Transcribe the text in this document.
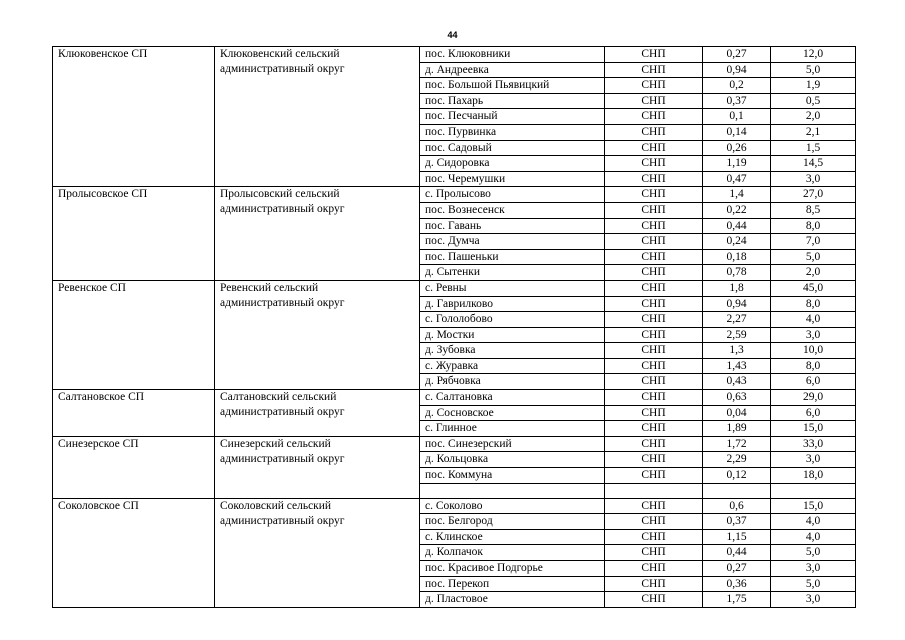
44
Клюковенское СП	Клюковенский сельский административный округ	пос. Клюковники	СНП	0,27	12,0
		д. Андреевка	СНП	0,94	5,0
		пос. Большой Пьявицкий	СНП	0,2	1,9
		пос. Пахарь	СНП	0,37	0,5
		пос. Песчаный	СНП	0,1	2,0
		пос. Пурвинка	СНП	0,14	2,1
		пос. Садовый	СНП	0,26	1,5
		д. Сидоровка	СНП	1,19	14,5
		пос. Черемушки	СНП	0,47	3,0
Пролысовское СП	Пролысовский сельский административный округ	с. Пролысово	СНП	1,4	27,0
		пос. Вознесенск	СНП	0,22	8,5
		пос. Гавань	СНП	0,44	8,0
		пос. Думча	СНП	0,24	7,0
		пос. Пашеньки	СНП	0,18	5,0
		д. Сытенки	СНП	0,78	2,0
Ревенское СП	Ревенский сельский административный округ	с. Ревны	СНП	1,8	45,0
		д. Гаврилково	СНП	0,94	8,0
		с. Гололобово	СНП	2,27	4,0
		д. Мостки	СНП	2,59	3,0
		д. Зубовка	СНП	1,3	10,0
		с. Журавка	СНП	1,43	8,0
		д. Рябчовка	СНП	0,43	6,0
Салтановское СП	Салтановский сельский административный округ	с. Салтановка	СНП	0,63	29,0
		д. Сосновское	СНП	0,04	6,0
		с. Глинное	СНП	1,89	15,0
Синезерское СП	Синезерский сельский административный округ	пос. Синезерский	СНП	1,72	33,0
		д. Кольцовка	СНП	2,29	3,0
		пос. Коммуна	СНП	0,12	18,0

Соколовское СП	Соколовский сельский административный округ	с. Соколово	СНП	0,6	15,0
		пос. Белгород	СНП	0,37	4,0
		с. Клинское	СНП	1,15	4,0
		д. Колпачок	СНП	0,44	5,0
		пос. Красивое Подгорье	СНП	0,27	3,0
		пос. Перекоп	СНП	0,36	5,0
		д. Пластовое	СНП	1,75	3,0
